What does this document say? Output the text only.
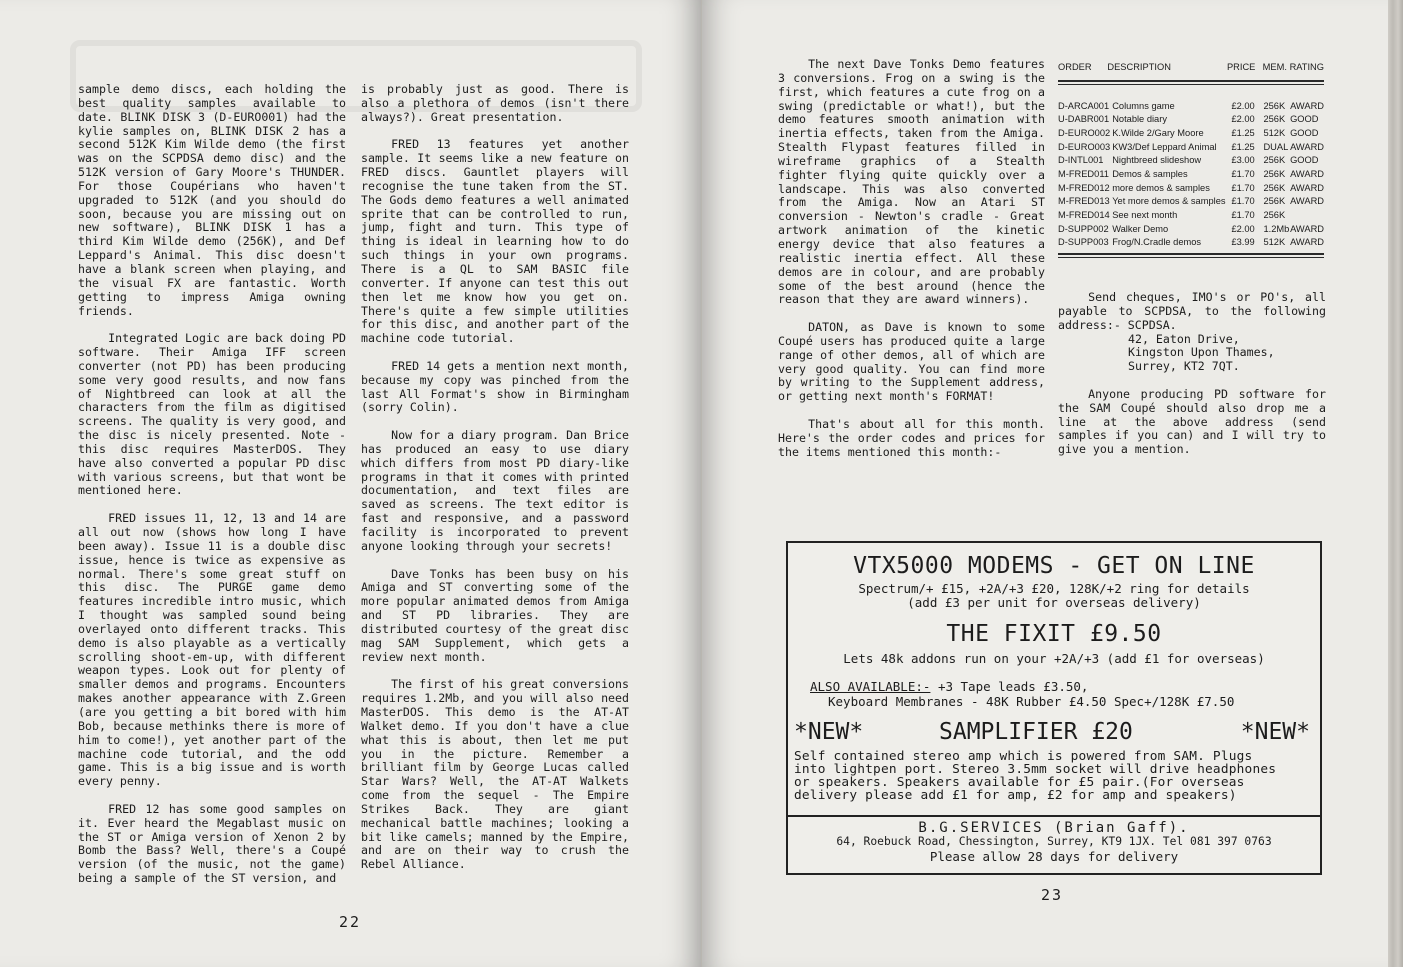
sample demo discs, each holding the best quality samples available to date. BLINK DISK 3 (D-EURO001) had the kylie samples on, BLINK DISK 2 has a second 512K Kim Wilde demo (the first was on the SCPDSA demo disc) and the 512K version of Gary Moore's THUNDER. For those Coupérians who haven't upgraded to 512K (and you should do soon, because you are missing out on new software), BLINK DISK 1 has a third Kim Wilde demo (256K), and Def Leppard's Animal. This disc doesn't have a blank screen when playing, and the visual FX are fantastic. Worth getting to impress Amiga owning friends.

Integrated Logic are back doing PD software. Their Amiga IFF screen converter (not PD) has been producing some very good results, and now fans of Nightbreed can look at all the characters from the film as digitised screens. The quality is very good, and the disc is nicely presented. Note - this disc requires MasterDOS. They have also converted a popular PD disc with various screens, but that wont be mentioned here.

FRED issues 11, 12, 13 and 14 are all out now (shows how long I have been away). Issue 11 is a double disc issue, hence is twice as expensive as normal. There's some great stuff on this disc. The PURGE game demo features incredible intro music, which I thought was sampled sound being overlayed onto different tracks. This demo is also playable as a vertically scrolling shoot-em-up, with different weapon types. Look out for plenty of smaller demos and programs. Encounters makes another appearance with Z.Green (are you getting a bit bored with him Bob, because methinks there is more of him to come!), yet another part of the machine code tutorial, and the odd game. This is a big issue and is worth every penny.

FRED 12 has some good samples on it. Ever heard the Megablast music on the ST or Amiga version of Xenon 2 by Bomb the Bass? Well, there's a Coupé version (of the music, not the game) being a sample of the ST version, and

is probably just as good. There is also a plethora of demos (isn't there always?). Great presentation.

FRED 13 features yet another sample. It seems like a new feature on FRED discs. Gauntlet players will recognise the tune taken from the ST. The Gods demo features a well animated sprite that can be controlled to run, jump, fight and turn. This type of thing is ideal in learning how to do such things in your own programs. There is a QL to SAM BASIC file converter. If anyone can test this out then let me know how you get on. There's quite a few simple utilities for this disc, and another part of the machine code tutorial.

FRED 14 gets a mention next month, because my copy was pinched from the last All Format's show in Birmingham (sorry Colin).

Now for a diary program. Dan Brice has produced an easy to use diary which differs from most PD diary-like programs in that it comes with printed documentation, and text files are saved as screens. The text editor is fast and responsive, and a password facility is incorporated to prevent anyone looking through your secrets!

Dave Tonks has been busy on his Amiga and ST converting some of the more popular animated demos from Amiga and ST PD libraries. They are distributed courtesy of the great disc mag SAM Supplement, which gets a review next month.

The first of his great conversions requires 1.2Mb, and you will also need MasterDOS. This demo is the AT-AT Walket demo. If you don't have a clue what this is about, then let me put you in the picture. Remember a brilliant film by George Lucas called Star Wars? Well, the AT-AT Walkets come from the sequel - The Empire Strikes Back. They are giant mechanical battle machines; looking a bit like camels; manned by the Empire, and are on their way to crush the Rebel Alliance.

22

The next Dave Tonks Demo features 3 conversions. Frog on a swing is the first, which features a cute frog on a swing (predictable or what!), but the demo features smooth animation with inertia effects, taken from the Amiga. Stealth Flypast features filled in wireframe graphics of a Stealth fighter flying quite quickly over a landscape. This was also converted from the Amiga. Now an Atari ST conversion - Newton's cradle - Great artwork animation of the kinetic energy device that also features a realistic inertia effect. All these demos are in colour, and are probably some of the best around (hence the reason that they are award winners).

DATON, as Dave is known to some Coupé users has produced quite a large range of other demos, all of which are very good quality. You can find more by writing to the Supplement address, or getting next month's FORMAT!

That's about all for this month. Here's the order codes and prices for the items mentioned this month:-

ORDER	DESCRIPTION	PRICE	MEM.	RATING
D-ARCA001	Columns game	£2.00	256K	AWARD
U-DABR001	Notable diary	£2.00	256K	GOOD
D-EURO002	K.Wilde 2/Gary Moore	£1.25	512K	GOOD
D-EURO003	KW3/Def Leppard Animal	£1.25	DUAL	AWARD
D-INTL001	Nightbreed slideshow	£3.00	256K	GOOD
M-FRED011	Demos & samples	£1.70	256K	AWARD
M-FRED012	more demos & samples	£1.70	256K	AWARD
M-FRED013	Yet more demos & samples	£1.70	256K	AWARD
M-FRED014	See next month	£1.70	256K	
D-SUPP002	Walker Demo	£2.00	1.2Mb	AWARD
D-SUPP003	Frog/N.Cradle demos	£3.99	512K	AWARD

Send cheques, IMO's or PO's, all payable to SCPDSA, to the following address:- SCPDSA.

42, Eaton Drive,
Kingston Upon Thames,
Surrey, KT2 7QT.

Anyone producing PD software for the SAM Coupé should also drop me a line at the above address (send samples if you can) and I will try to give you a mention.

VTX5000 MODEMS - GET ON LINE
Spectrum/+ £15, +2A/+3 £20, 128K/+2 ring for details
(add £3 per unit for overseas delivery)
THE FIXIT £9.50
Lets 48k addons run on your +2A/+3 (add £1 for overseas)
ALSO AVAILABLE:- +3 Tape leads £3.50,
Keyboard Membranes - 48K Rubber £4.50 Spec+/128K £7.50
*NEW*	SAMPLIFIER £20	*NEW*
Self contained stereo amp which is powered from SAM. Plugs
into lightpen port. Stereo 3.5mm socket will drive headphones
or speakers. Speakers available for £5 pair.(For overseas
delivery please add £1 for amp, £2 for amp and speakers)
B.G.SERVICES (Brian Gaff).
64, Roebuck Road, Chessington, Surrey, KT9 1JX. Tel 081 397 0763
Please allow 28 days for delivery
23
